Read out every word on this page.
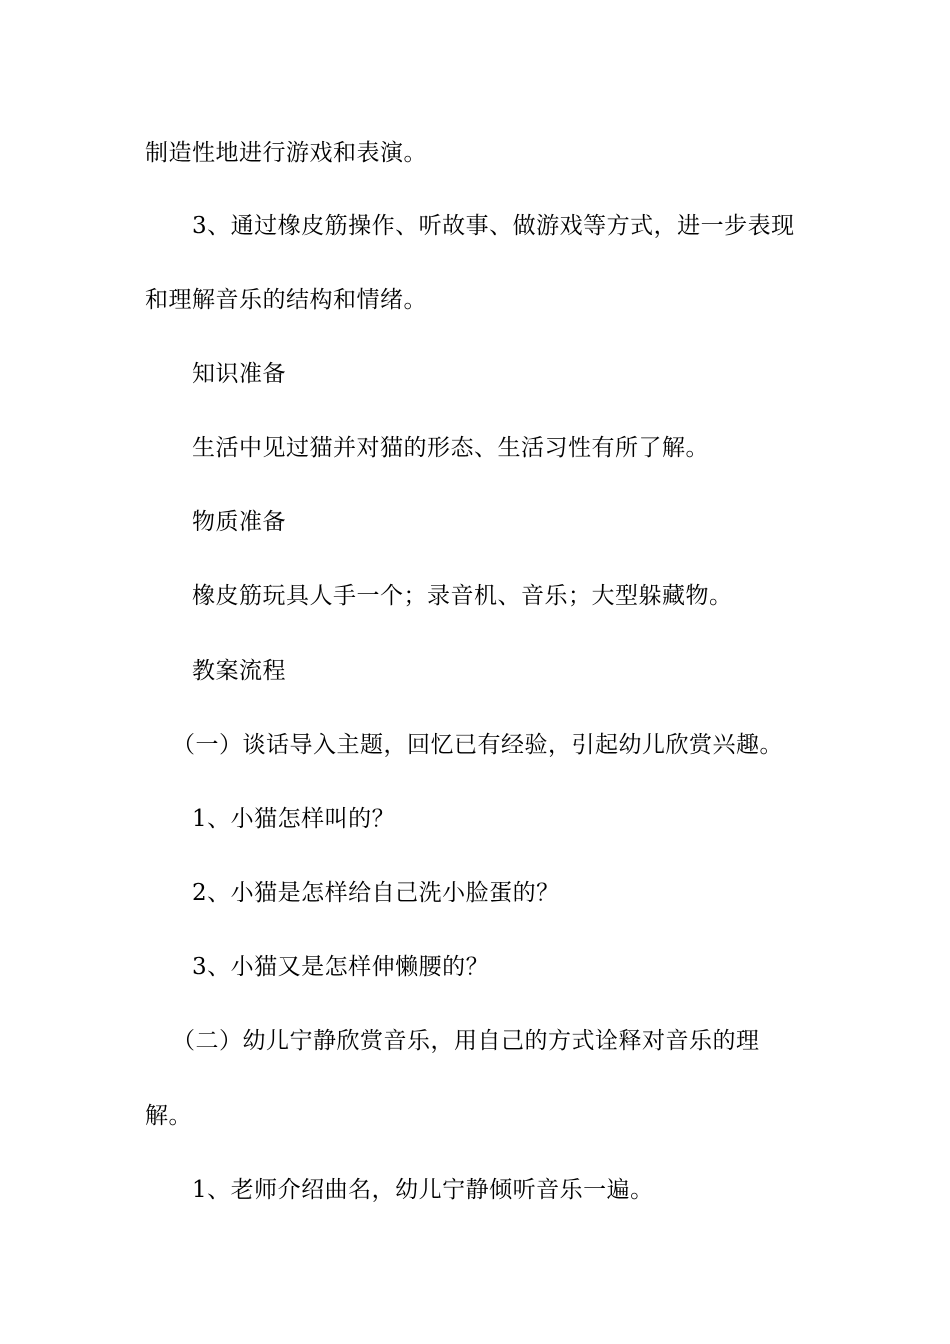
制造性地进行游戏和表演。
3、通过橡皮筋操作、听故事、做游戏等方式，进一步表现
和理解音乐的结构和情绪。
知识准备
生活中见过猫并对猫的形态、生活习性有所了解。
物质准备
橡皮筋玩具人手一个；录音机、音乐；大型躲藏物。
教案流程
（一）谈话导入主题，回忆已有经验，引起幼儿欣赏兴趣。
1、小猫怎样叫的？
2、小猫是怎样给自己洗小脸蛋的？
3、小猫又是怎样伸懒腰的？
（二）幼儿宁静欣赏音乐，用自己的方式诠释对音乐的理
解。
1、老师介绍曲名，幼儿宁静倾听音乐一遍。
